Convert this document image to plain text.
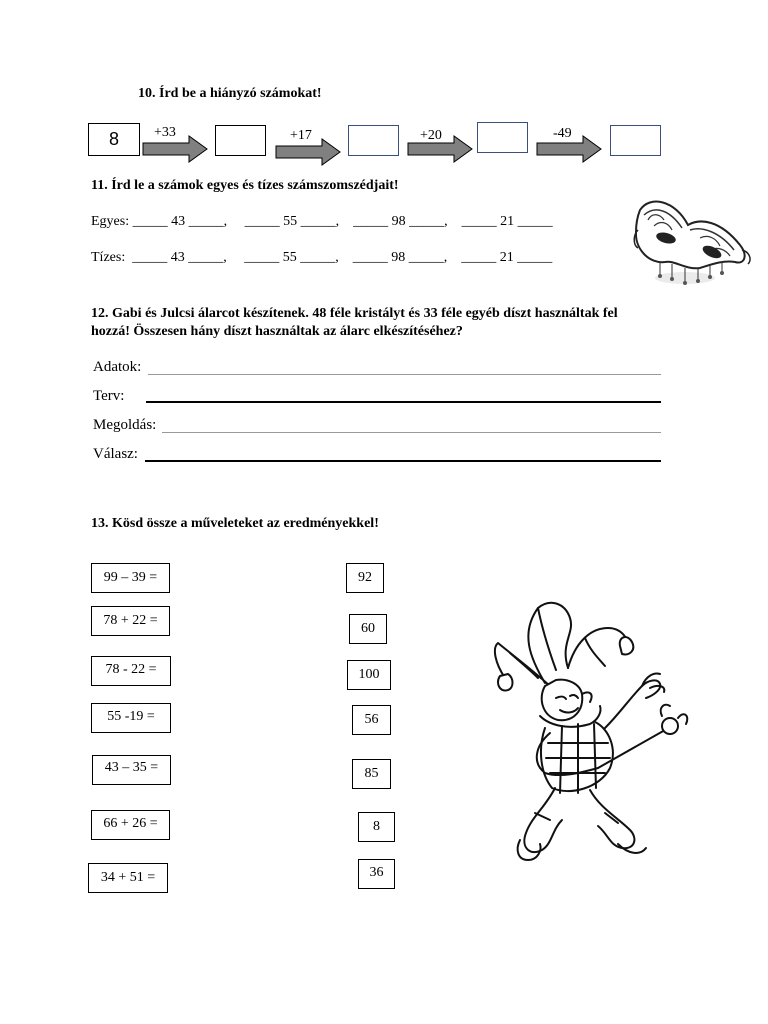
10. Írd be a hiányzó számokat!
8	+33	+17	+20	-49
11. Írd le a számok egyes és tízes számszomszédjait!
Egyes: _____ 43 _____,     _____ 55 _____,    _____ 98 _____,    _____ 21 _____
Tízes: _____ 43 _____,     _____ 55 _____,    _____ 98 _____,    _____ 21 _____
12. Gabi és Julcsi álarcot készítenek. 48 féle kristályt és 33 féle egyéb díszt használtak fel
hozzá! Összesen hány díszt használtak az álarc elkészítéséhez?
Adatok:
Terv:
Megoldás:
Válasz:
13. Kösd össze a műveleteket az eredményekkel!
99 – 39 =
78 + 22 =
78 - 22 =
55 -19 =
43 – 35 =
66 + 26 =
34 + 51 =
92
60
100
56
85
8
36
